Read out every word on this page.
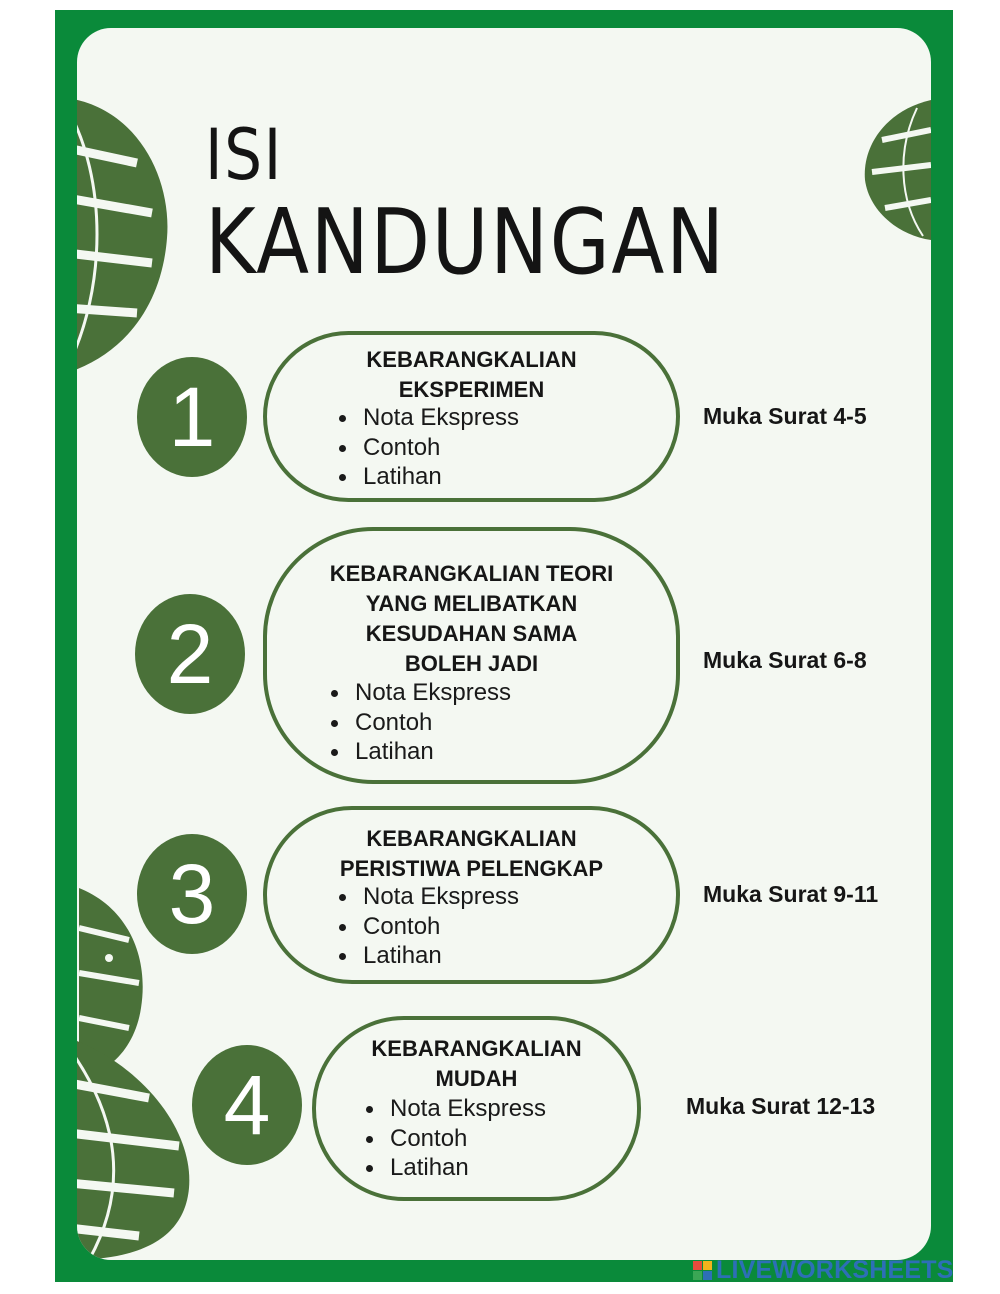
ISI
KANDUNGAN
1

KEBARANGKALIAN
EKSPERIMEN

Nota Ekspress
Contoh
Latihan

Muka Surat 4-5

2

KEBARANGKALIAN TEORI
YANG MELIBATKAN
KESUDAHAN SAMA
BOLEH JADI

Nota Ekspress
Contoh
Latihan

Muka Surat 6-8

3

KEBARANGKALIAN
PERISTIWA PELENGKAP

Nota Ekspress
Contoh
Latihan

Muka Surat 9-11

4

KEBARANGKALIAN
MUDAH

Nota Ekspress
Contoh
Latihan

Muka Surat 12-13

LIVEWORKSHEETS
